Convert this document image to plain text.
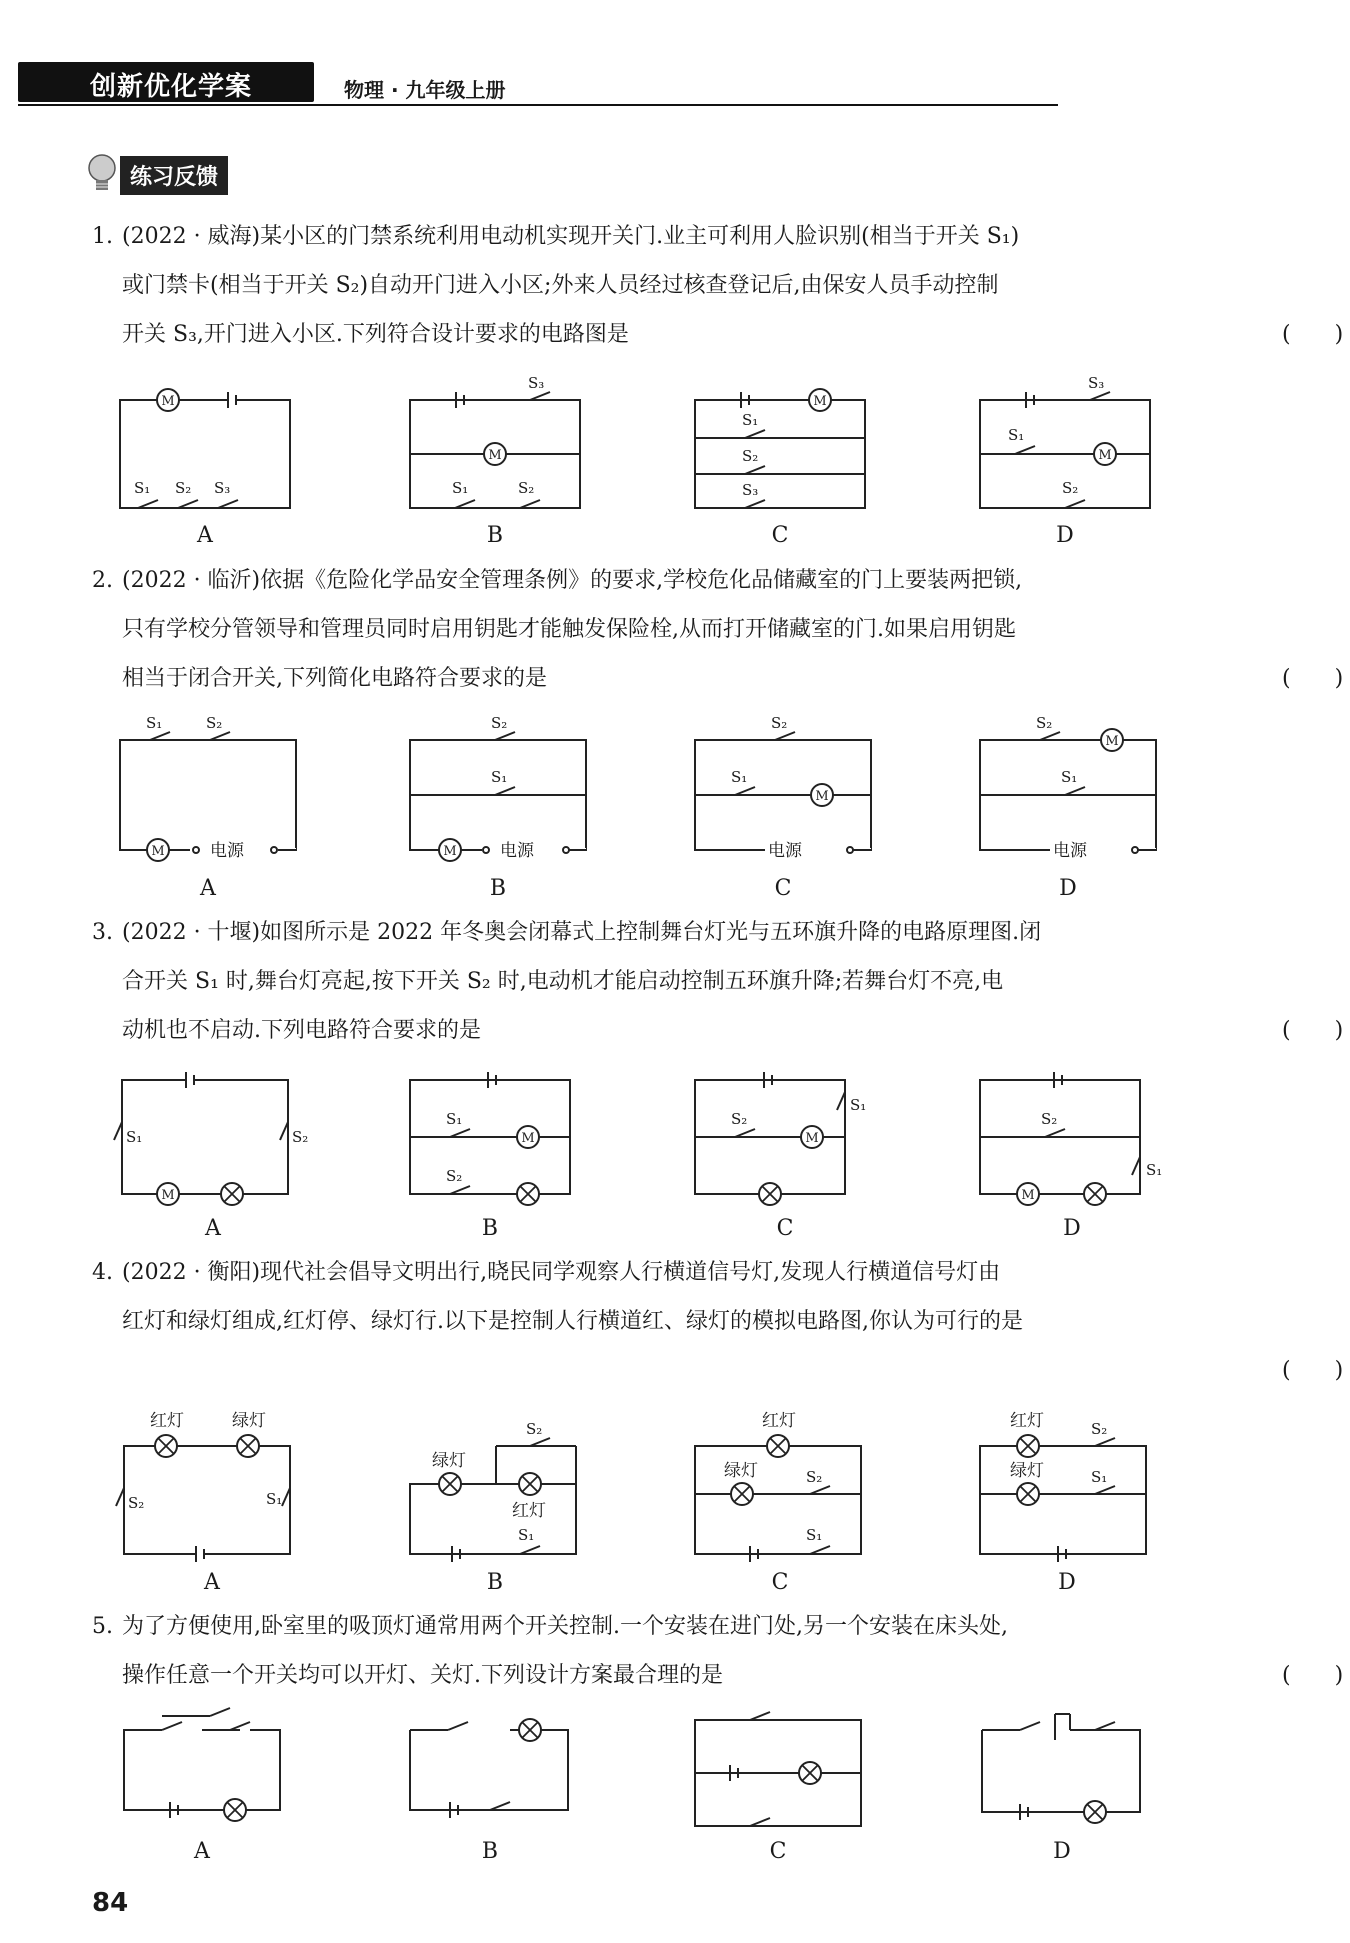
创新优化学案	物理 · 九年级上册
练习反馈
1. (2022 · 威海)某小区的门禁系统利用电动机实现开关门.业主可利用人脸识别(相当于开关 S₁)
或门禁卡(相当于开关 S₂)自动开门进入小区;外来人员经过核查登记后,由保安人员手动控制
开关 S₃,开门进入小区.下列符合设计要求的电路图是	(　　)
M
M
M
M
S₁ S₂ S₃
S₃
S₁	S₂
S₁
S₂
S₃
S₃
S₁
S₂
A	B	C	D
2. (2022 · 临沂)依据《危险化学品安全管理条例》的要求,学校危化品储藏室的门上要装两把锁,
只有学校分管领导和管理员同时启用钥匙才能触发保险栓,从而打开储藏室的门.如果启用钥匙
相当于闭合开关,下列简化电路符合要求的是	(　　)
M	M
M
M
S₁	S₂	S₂
S₁
S₂
S₁
S₂
S₁
电源	电源	电源	电源
A	B	C	D
3. (2022 · 十堰)如图所示是 2022 年冬奥会闭幕式上控制舞台灯光与五环旗升降的电路原理图.闭
合开关 S₁ 时,舞台灯亮起,按下开关 S₂ 时,电动机才能启动控制五环旗升降;若舞台灯不亮,电
动机也不启动.下列电路符合要求的是	(　　)
M
M	M
M
S₁	S₂
S₁
S₂
S₁
S₂
S₁
S₂
A	B	C	D
4. (2022 · 衡阳)现代社会倡导文明出行,晓民同学观察人行横道信号灯,发现人行横道信号灯由
红灯和绿灯组成,红灯停、绿灯行.以下是控制人行横道红、绿灯的模拟电路图,你认为可行的是
(　　)
红灯	绿灯
绿灯
红灯
红灯
绿灯
红灯
绿灯
S₂	S₁
S₂
S₁
S₂
S₁
S₂
S₁
A	B	C	D
5. 为了方便使用,卧室里的吸顶灯通常用两个开关控制.一个安装在进门处,另一个安装在床头处,
操作任意一个开关均可以开灯、关灯.下列设计方案最合理的是	(　　)
A	B	C	D
84
